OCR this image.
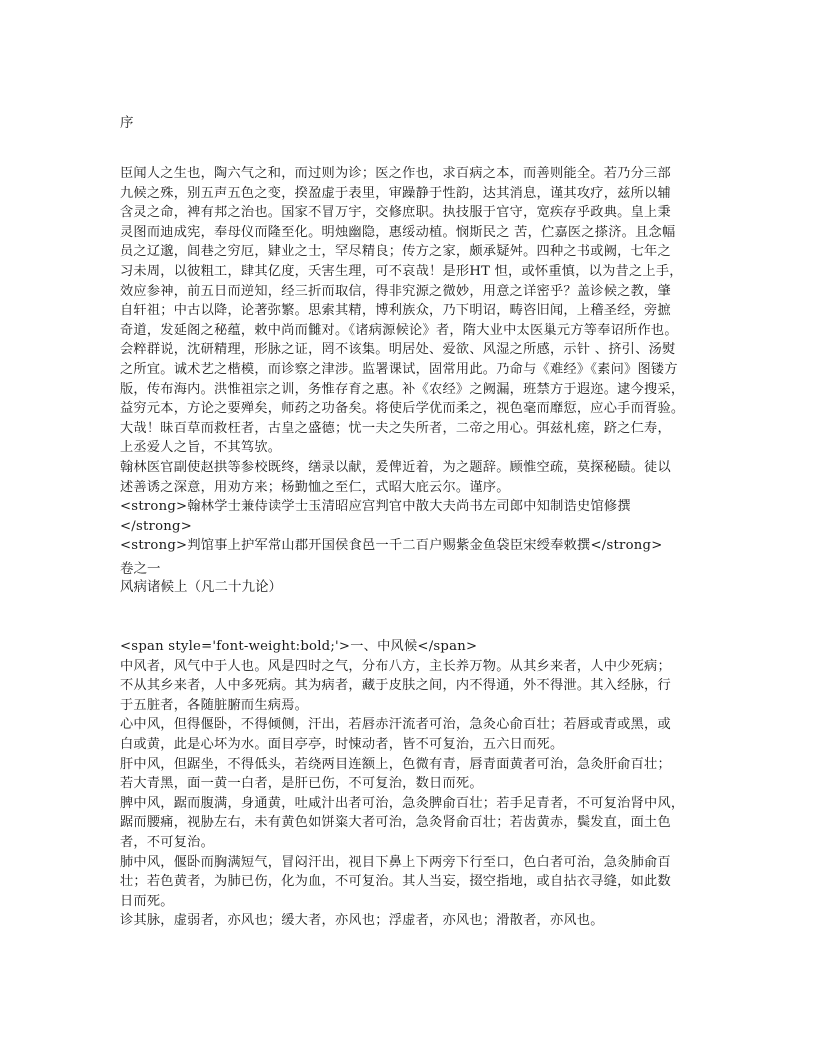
序
臣闻人之生也，陶六气之和，而过则为诊；医之作也，求百病之本，而善则能全。若乃分三部
九候之殊，别五声五色之变，揆盈虚于表里，审躁静于性韵，达其消息，谨其攻疗，兹所以辅
含灵之命，裨有邦之治也。国家不冒万宇，交修庶职。执技服于官守，宽疾存乎政典。皇上秉
灵图而迪成宪，奉母仪而隆至化。明烛幽隐，惠绥动植。悯斯民之 苦，伫嘉医之搽济。且念幅
员之辽邈，闾巷之穷厄，肄业之士，罕尽精良；传方之家，颇承疑舛。四种之书或阙，七年之
习未周，以彼粗工，肆其亿度，夭害生理，可不哀哉！是形HT 怛，或怀重慎，以为昔之上手，
效应参神，前五日而逆知，经三折而取信，得非究源之微妙，用意之详密乎？盖诊候之教，肇
自轩祖；中古以降，论著弥繁。思索其精，博利族众，乃下明诏，畴咨旧闻，上稽圣经，旁摭
奇道，发延阁之秘蕴，敕中尚而雠对。《诸病源候论》者，隋大业中太医巢元方等奉诏所作也。
会粹群说，沈研精理，形脉之证，罔不该集。明居处、爱欲、风湿之所感，示针 、挤引、汤熨
之所宜。诚术艺之楷模，而诊察之津涉。监署课试，固常用此。乃命与《难经》《素问》图镂方
版，传布海内。洪惟祖宗之训，务惟存育之惠。补《农经》之阙漏，班禁方于遐迩。逮今搜采，
益穷元本，方论之要殚矣，师药之功备矣。将使后学优而柔之，视色毫而靡愆，应心手而胥验。
大哉！昧百草而救枉者，古皇之盛德；忧一夫之失所者，二帝之用心。弭兹札瘥，跻之仁寿，
上丞爱人之旨，不其笃欤。
翰林医官副使赵拱等参校既终，缮录以献，爰俾近着，为之题辞。顾惟空疏，莫探秘赜。徒以
述善诱之深意，用劝方来；杨勤恤之至仁，式昭大庇云尔。谨序。
<strong>翰林学士兼侍读学士玉清昭应宫判官中散大夫尚书左司郎中知制诰史馆修撰
</strong>
<strong>判馆事上护军常山郡开国侯食邑一千二百户赐紫金鱼袋臣宋绶奉敕撰</strong>
卷之一
风病诸候上（凡二十九论）
<span style='font-weight:bold;'>一、中风候</span>
中风者，风气中于人也。风是四时之气，分布八方，主长养万物。从其乡来者，人中少死病；
不从其乡来者，人中多死病。其为病者，藏于皮肤之间，内不得通，外不得泄。其入经脉，行
于五脏者，各随脏腑而生病焉。
心中风，但得偃卧，不得倾侧，汗出，若唇赤汗流者可治，急灸心俞百壮；若唇或青或黑，或
白或黄，此是心坏为水。面目亭亭，时悚动者，皆不可复治，五六日而死。
肝中风，但踞坐，不得低头，若绕两目连额上，色微有青，唇青面黄者可治，急灸肝俞百壮；
若大青黑，面一黄一白者，是肝已伤，不可复治，数日而死。
脾中风，踞而腹满，身通黄，吐咸汁出者可治，急灸脾俞百壮；若手足青者，不可复治肾中风，
踞而腰痛，视胁左右，未有黄色如饼粢大者可治，急灸肾俞百壮；若齿黄赤，鬓发直，面土色
者，不可复治。
肺中风，偃卧而胸满短气，冒闷汗出，视目下鼻上下两旁下行至口，色白者可治，急灸肺俞百
壮；若色黄者，为肺已伤，化为血，不可复治。其人当妄，掇空指地，或自拈衣寻缝，如此数
日而死。
诊其脉，虚弱者，亦风也；缓大者，亦风也；浮虚者，亦风也；滑散者，亦风也。
